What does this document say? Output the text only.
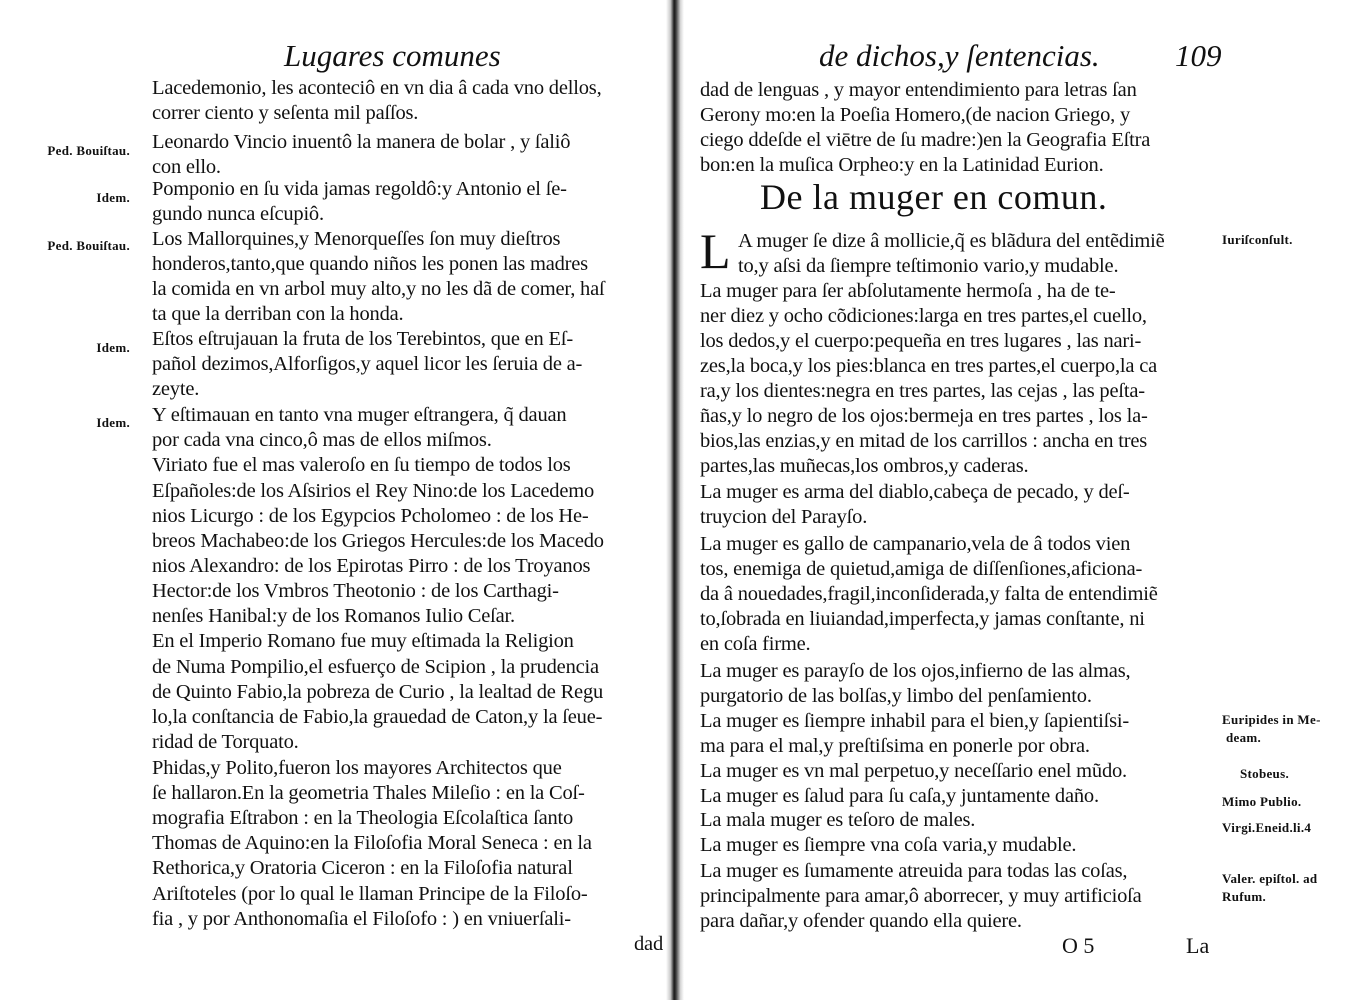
Lugares comunes
Ped. Bouiſtau.
Idem.
Ped. Bouiſtau.
Idem.
Idem.
Lacedemonio, les aconteciô en vn dia â cada vno dellos,
correr ciento y seſenta mil paſſos.
Leonardo Vincio inuentô la manera de bolar , y ſaliô
con ello.
Pomponio en ſu vida jamas regoldô:y Antonio el ſe-
gundo nunca eſcupiô.
Los Mallorquines,y Menorqueſſes ſon muy dieſtros
honderos,tanto,que quando niños les ponen las madres
la comida en vn arbol muy alto,y no les dã de comer, haſ
ta que la derriban con la honda.
Eſtos eſtrujauan la fruta de los Terebintos, que en Eſ-
pañol dezimos,Alforſigos,y aquel licor les ſeruia de a-
zeyte.
Y eſtimauan en tanto vna muger eſtrangera, q̃ dauan
por cada vna cinco,ô mas de ellos miſmos.
Viriato fue el mas valeroſo en ſu tiempo de todos los
Eſpañoles:de los Aſsirios el Rey Nino:de los Lacedemo
nios Licurgo : de los Egypcios Pcholomeo : de los He-
breos Machabeo:de los Griegos Hercules:de los Macedo
nios Alexandro: de los Epirotas Pirro : de los Troyanos
Hector:de los Vmbros Theotonio : de los Carthagi-
nenſes Hanibal:y de los Romanos Iulio Ceſar.
En el Imperio Romano fue muy eſtimada la Religion
de Numa Pompilio,el esfuerço de Scipion , la prudencia
de Quinto Fabio,la pobreza de Curio , la lealtad de Regu
lo,la conſtancia de Fabio,la grauedad de Caton,y la ſeue-
ridad de Torquato.
Phidas,y Polito,fueron los mayores Architectos que
ſe hallaron.En la geometria Thales Mileſio : en la Coſ-
mografia Eſtrabon : en la Theologia Eſcolaſtica ſanto
Thomas de Aquino:en la Filoſofia Moral Seneca : en la
Rethorica,y Oratoria Ciceron : en la Filoſofia natural
Ariſtoteles (por lo qual le llaman Principe de la Filoſo-
fia , y por Anthonomaſia el Filoſofo : ) en vniuerſali-
dad
de dichos,y ſentencias. 109
dad de lenguas , y mayor entendimiento para letras ſan
Gerony mo:en la Poeſia Homero,(de nacion Griego, y
ciego ddeſde el viētre de ſu madre:)en la Geografia Eſtra
bon:en la muſica Orpheo:y en la Latinidad Eurion.
De la muger en comun.
L	Iuriſconſult.
Euripides in Me-
deam.
Stobeus.
Mimo Publio.
Virgi.Eneid.li.4
Valer. epiſtol. ad
Rufum.
A muger ſe dize â mollicie,q̃ es blãdura del entẽdimiẽ
to,y aſsi da ſiempre teſtimonio vario,y mudable.
La muger para ſer abſolutamente hermoſa , ha de te-
ner diez y ocho cõdiciones:larga en tres partes,el cuello,
los dedos,y el cuerpo:pequeña en tres lugares , las nari-
zes,la boca,y los pies:blanca en tres partes,el cuerpo,la ca
ra,y los dientes:negra en tres partes, las cejas , las peſta-
ñas,y lo negro de los ojos:bermeja en tres partes , los la-
bios,las enzias,y en mitad de los carrillos : ancha en tres
partes,las muñecas,los ombros,y caderas.
La muger es arma del diablo,cabeça de pecado, y deſ-
truycion del Parayſo.
La muger es gallo de campanario,vela de â todos vien
tos, enemiga de quietud,amiga de diſſenſiones,aficiona-
da â nouedades,fragil,inconſiderada,y falta de entendimiẽ
to,ſobrada en liuiandad,imperfecta,y jamas conſtante, ni
en coſa firme.
La muger es parayſo de los ojos,infierno de las almas,
purgatorio de las bolſas,y limbo del penſamiento.
La muger es ſiempre inhabil para el bien,y ſapientiſsi-
ma para el mal,y preſtiſsima en ponerle por obra.
La muger es vn mal perpetuo,y neceſſario enel mũdo.
La muger es ſalud para ſu caſa,y juntamente daño.
La mala muger es teſoro de males.
La muger es ſiempre vna coſa varia,y mudable.
La muger es ſumamente atreuida para todas las coſas,
principalmente para amar,ô aborrecer, y muy artificioſa
para dañar,y ofender quando ella quiere.
O 5	La
